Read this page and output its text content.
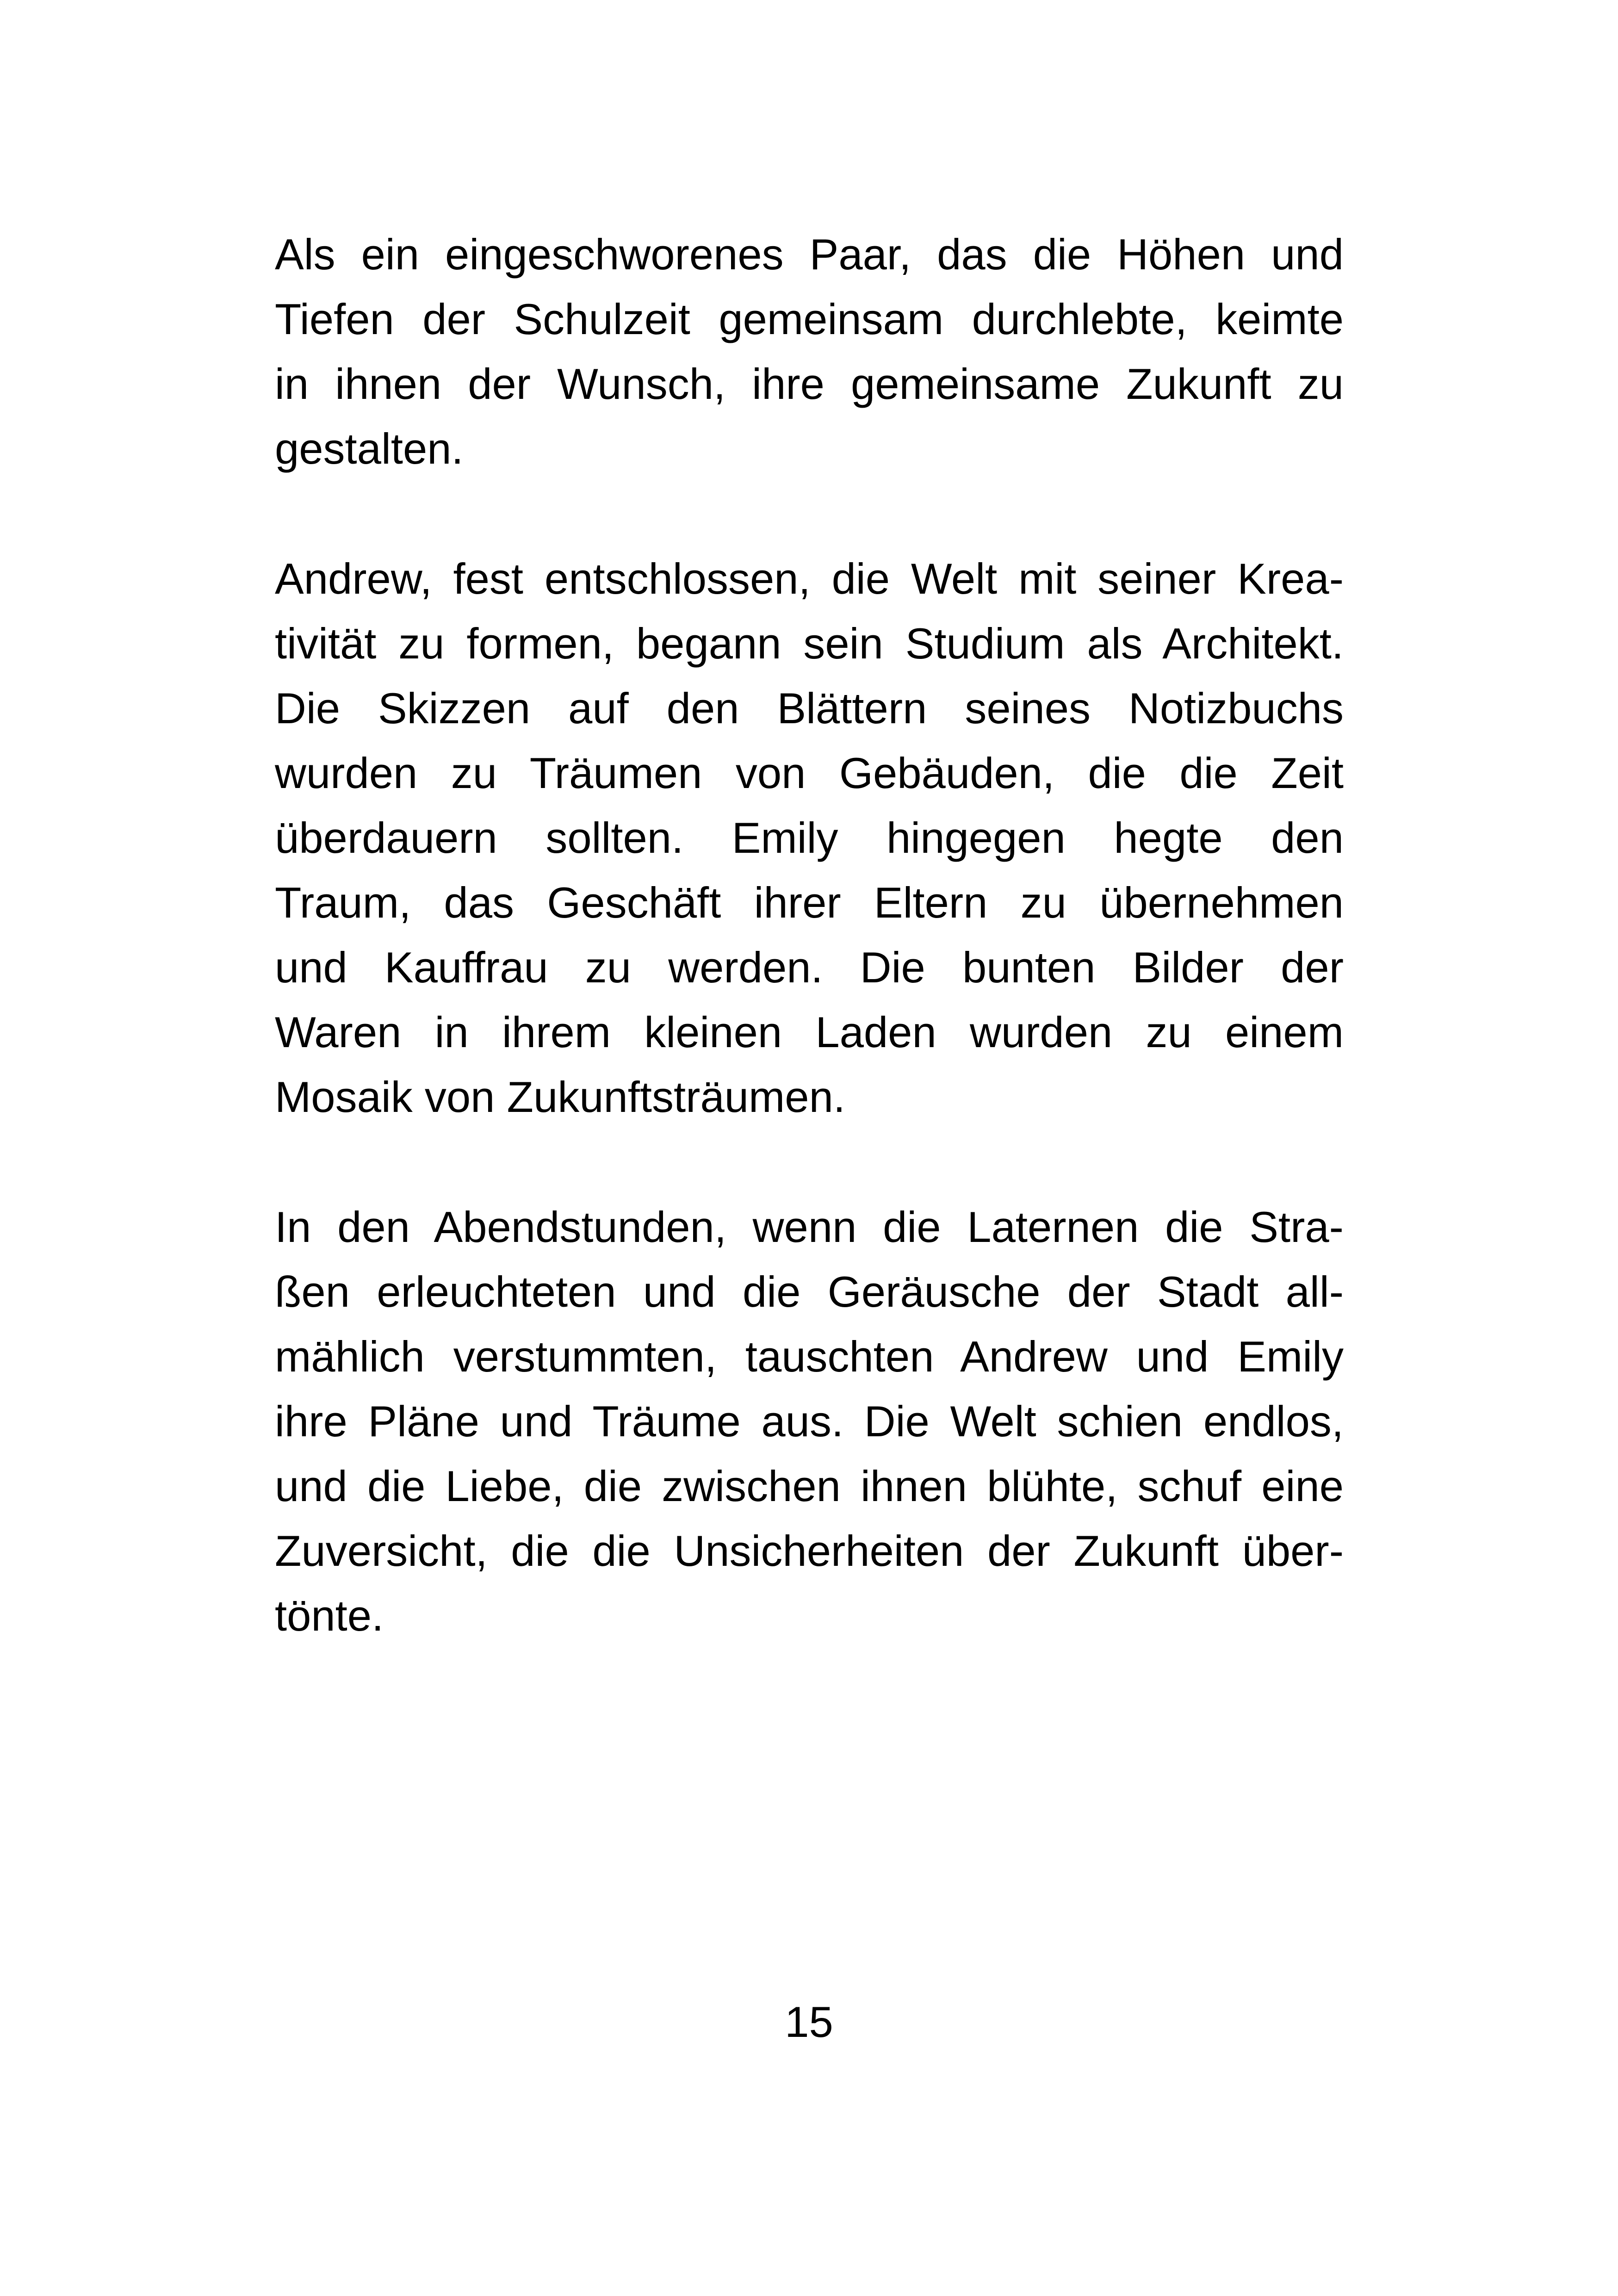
Als ein eingeschworenes Paar, das die Höhen und
Tiefen der Schulzeit gemeinsam durchlebte, keimte
in ihnen der Wunsch, ihre gemeinsame Zukunft zu
gestalten.
Andrew, fest entschlossen, die Welt mit seiner Krea-
tivität zu formen, begann sein Studium als Architekt.
Die Skizzen auf den Blättern seines Notizbuchs
wurden zu Träumen von Gebäuden, die die Zeit
überdauern sollten. Emily hingegen hegte den
Traum, das Geschäft ihrer Eltern zu übernehmen
und Kauffrau zu werden. Die bunten Bilder der
Waren in ihrem kleinen Laden wurden zu einem
Mosaik von Zukunftsträumen.
In den Abendstunden, wenn die Laternen die Stra-
ßen erleuchteten und die Geräusche der Stadt all-
mählich verstummten, tauschten Andrew und Emily
ihre Pläne und Träume aus. Die Welt schien endlos,
und die Liebe, die zwischen ihnen blühte, schuf eine
Zuversicht, die die Unsicherheiten der Zukunft über-
tönte.
15
